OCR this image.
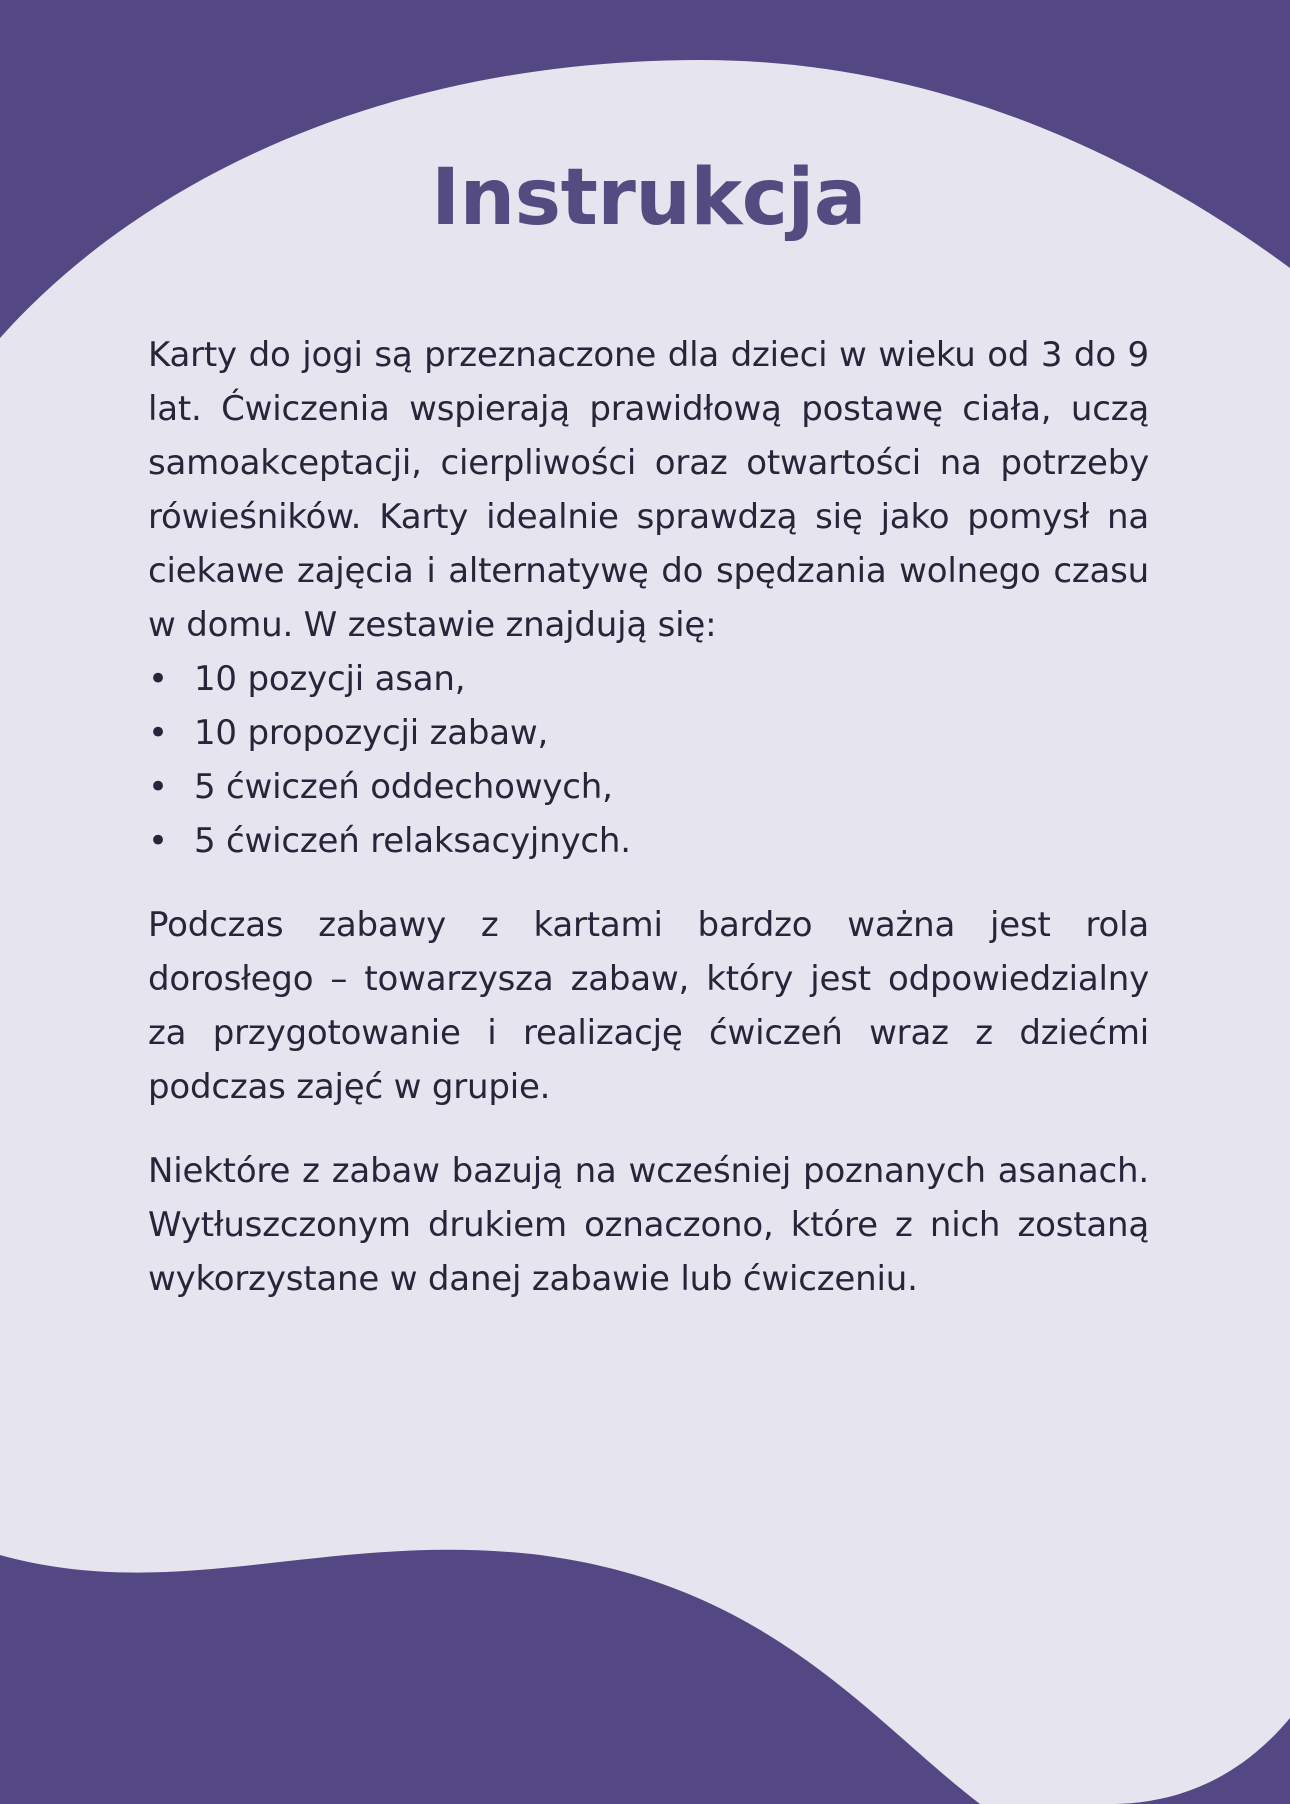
Instrukcja

Karty do jogi są przeznaczone dla dzieci w wieku od 3 do 9 lat. Ćwiczenia wspierają prawidłową postawę ciała, uczą samoakceptacji, cierpliwości oraz otwartości na potrzeby rówieśników. Karty idealnie sprawdzą się jako pomysł na ciekawe zajęcia i alternatywę do spędzania wolnego czasu w domu. W zestawie znajdują się:

• 10 pozycji asan,
• 10 propozycji zabaw,
• 5 ćwiczeń oddechowych,
• 5 ćwiczeń relaksacyjnych.

Podczas zabawy z kartami bardzo ważna jest rola dorosłego – towarzysza zabaw, który jest odpowiedzialny za przygotowanie i realizację ćwiczeń wraz z dziećmi podczas zajęć w grupie.

Niektóre z zabaw bazują na wcześniej poznanych asanach. Wytłuszczonym drukiem oznaczono, które z nich zostaną wykorzystane w danej zabawie lub ćwiczeniu.
